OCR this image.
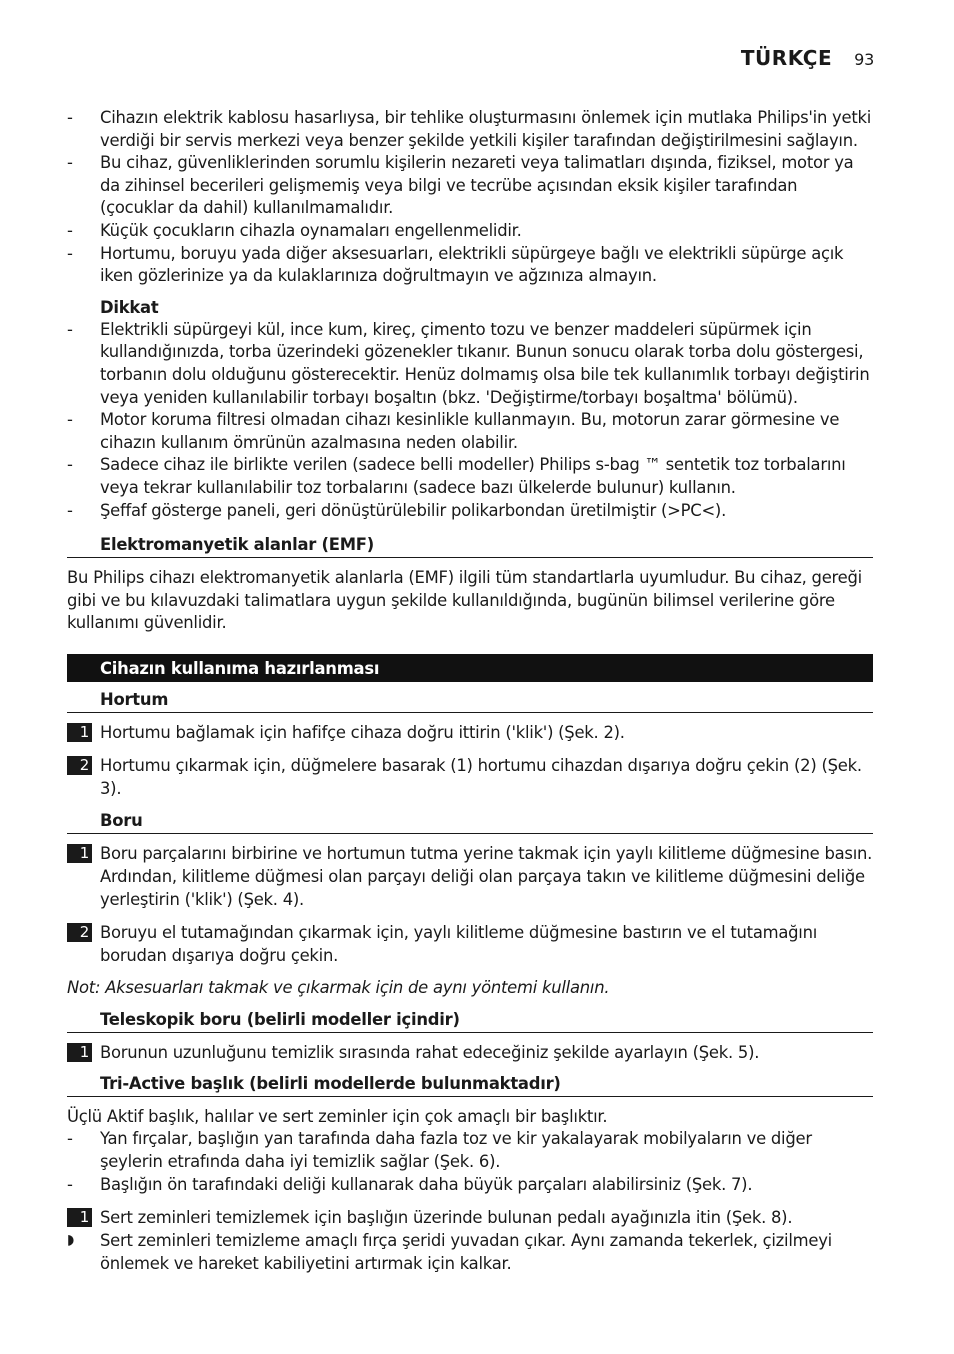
TÜRKÇE 93
- Cihazın elektrik kablosu hasarlıysa, bir tehlike oluşturmasını önlemek için mutlaka Philips'in yetki verdiği bir servis merkezi veya benzer şekilde yetkili kişiler tarafından değiştirilmesini sağlayın.
- Bu cihaz, güvenliklerinden sorumlu kişilerin nezareti veya talimatları dışında, fiziksel, motor ya da zihinsel becerileri gelişmemiş veya bilgi ve tecrübe açısından eksik kişiler tarafından (çocuklar da dahil) kullanılmamalıdır.
- Küçük çocukların cihazla oynamaları engellenmelidir.
- Hortumu, boruyu yada diğer aksesuarları, elektrikli süpürgeye bağlı ve elektrikli süpürge açık iken gözlerinize ya da kulaklarınıza doğrultmayın ve ağzınıza almayın.
Dikkat
- Elektrikli süpürgeyi kül, ince kum, kireç, çimento tozu ve benzer maddeleri süpürmek için kullandığınızda, torba üzerindeki gözenekler tıkanır. Bunun sonucu olarak torba dolu göstergesi, torbanın dolu olduğunu gösterecektir. Henüz dolmamış olsa bile tek kullanımlık torbayı değiştirin veya yeniden kullanılabilir torbayı boşaltın (bkz. 'Değiştirme/torbayı boşaltma' bölümü).
- Motor koruma filtresi olmadan cihazı kesinlikle kullanmayın. Bu, motorun zarar görmesine ve cihazın kullanım ömrünün azalmasına neden olabilir.
- Sadece cihaz ile birlikte verilen (sadece belli modeller) Philips s-bag ™ sentetik toz torbalarını veya tekrar kullanılabilir toz torbalarını (sadece bazı ülkelerde bulunur) kullanın.
- Şeffaf gösterge paneli, geri dönüştürülebilir polikarbondan üretilmiştir (>PC<).
Elektromanyetik alanlar (EMF)
Bu Philips cihazı elektromanyetik alanlarla (EMF) ilgili tüm standartlarla uyumludur. Bu cihaz, gereği gibi ve bu kılavuzdaki talimatlara uygun şekilde kullanıldığında, bugünün bilimsel verilerine göre kullanımı güvenlidir.
Cihazın kullanıma hazırlanması
Hortum
1 Hortumu bağlamak için hafifçe cihaza doğru ittirin ('klik') (Şek. 2).
2 Hortumu çıkarmak için, düğmelere basarak (1) hortumu cihazdan dışarıya doğru çekin (2) (Şek. 3).
Boru
1 Boru parçalarını birbirine ve hortumun tutma yerine takmak için yaylı kilitleme düğmesine basın. Ardından, kilitleme düğmesi olan parçayı deliği olan parçaya takın ve kilitleme düğmesini deliğe yerleştirin ('klik') (Şek. 4).
2 Boruyu el tutamağından çıkarmak için, yaylı kilitleme düğmesine bastırın ve el tutamağını borudan dışarıya doğru çekin.
Not: Aksesuarları takmak ve çıkarmak için de aynı yöntemi kullanın.
Teleskopik boru (belirli modeller içindir)
1 Borunun uzunluğunu temizlik sırasında rahat edeceğiniz şekilde ayarlayın (Şek. 5).
Tri-Active başlık (belirli modellerde bulunmaktadır)
Üçlü Aktif başlık, halılar ve sert zeminler için çok amaçlı bir başlıktır.
- Yan fırçalar, başlığın yan tarafında daha fazla toz ve kir yakalayarak mobilyaların ve diğer şeylerin etrafında daha iyi temizlik sağlar (Şek. 6).
- Başlığın ön tarafındaki deliği kullanarak daha büyük parçaları alabilirsiniz (Şek. 7).
1 Sert zeminleri temizlemek için başlığın üzerinde bulunan pedalı ayağınızla itin (Şek. 8).
◗ Sert zeminleri temizleme amaçlı fırça şeridi yuvadan çıkar. Aynı zamanda tekerlek, çizilmeyi önlemek ve hareket kabiliyetini artırmak için kalkar.
